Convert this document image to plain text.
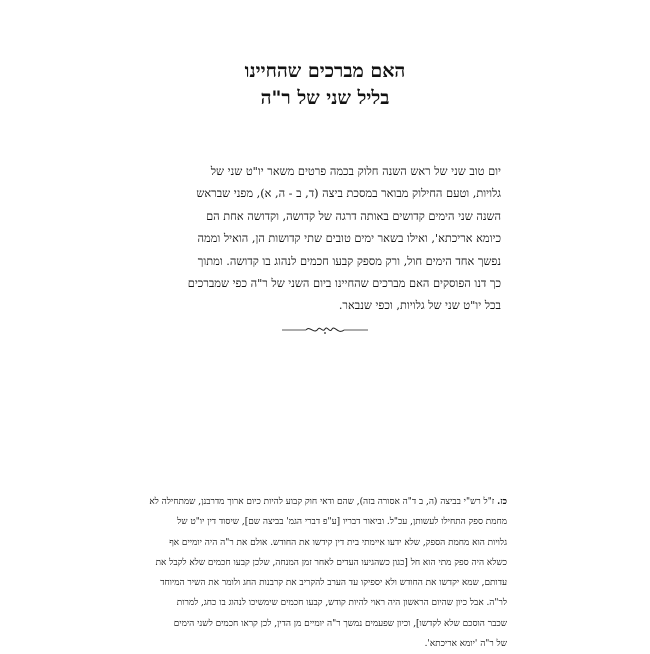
האם מברכים שהחיינו
בליל שני של ר"ה
יום טוב שני של ראש השנה חלוק בכמה פרטים משאר יו"ט שני של
גלויות, וטעם החילוק מבואר במסכת ביצה (ד, ב - ה, א), מפני שבראש
השנה שני הימים קדושים באותה דרגה של קדושה, וקדושה אחת הם
כיומא אריכתא', ואילו בשאר ימים טובים שתי קדושות הן, הואיל וממה
נפשך אחד הימים חול, ורק מספק קבעו חכמים לנהוג בו קדושה. ומתוך
כך דנו הפוסקים האם מברכים שהחיינו ביום השני של ר"ה כפי שמברכים
בכל יו"ט שני של גלויות, וכפי שנבאר.
כז. ז"ל רש"י בביצה (ה, ב ד"ה אסורה בזה), שהם ודאי חוק קבוע להיות כיום ארוך מדרבנן, שמתחילה לא
מחמת ספק התחילו לעשותן, עכ"ל. וביאור דבריו [ע"פ דברי הגמ' בביצה שם], שיסוד דין יו"ט של
גלויות הוא מחמת הספק, שלא ידעו איימתי בית דין קידשו את החודש. אולם את ר"ה היה יומיים אף
כשלא היה ספק מתי הוא חל [כגון כשהגיעו העדים לאחר זמן המנחה, שלכן קבעו חכמים שלא לקבל את
עדותם, שמא יקדשו את החודש ולא יספיקו עד הערב להקריב את קרבנות החג ולומר את השיר המיוחד
לר"ה. אבל כיון שהיום הראשון היה ראוי להיות קודש, קבעו חכמים שימשיכו לנהוג בו כחג, למרות
שכבר הוסכם שלא לקדשו], וכיון שפעמים נמשך ר"ה יומיים מן הדין, לכן קראו חכמים לשני הימים
של ר"ה 'יומא אריכתא'.
